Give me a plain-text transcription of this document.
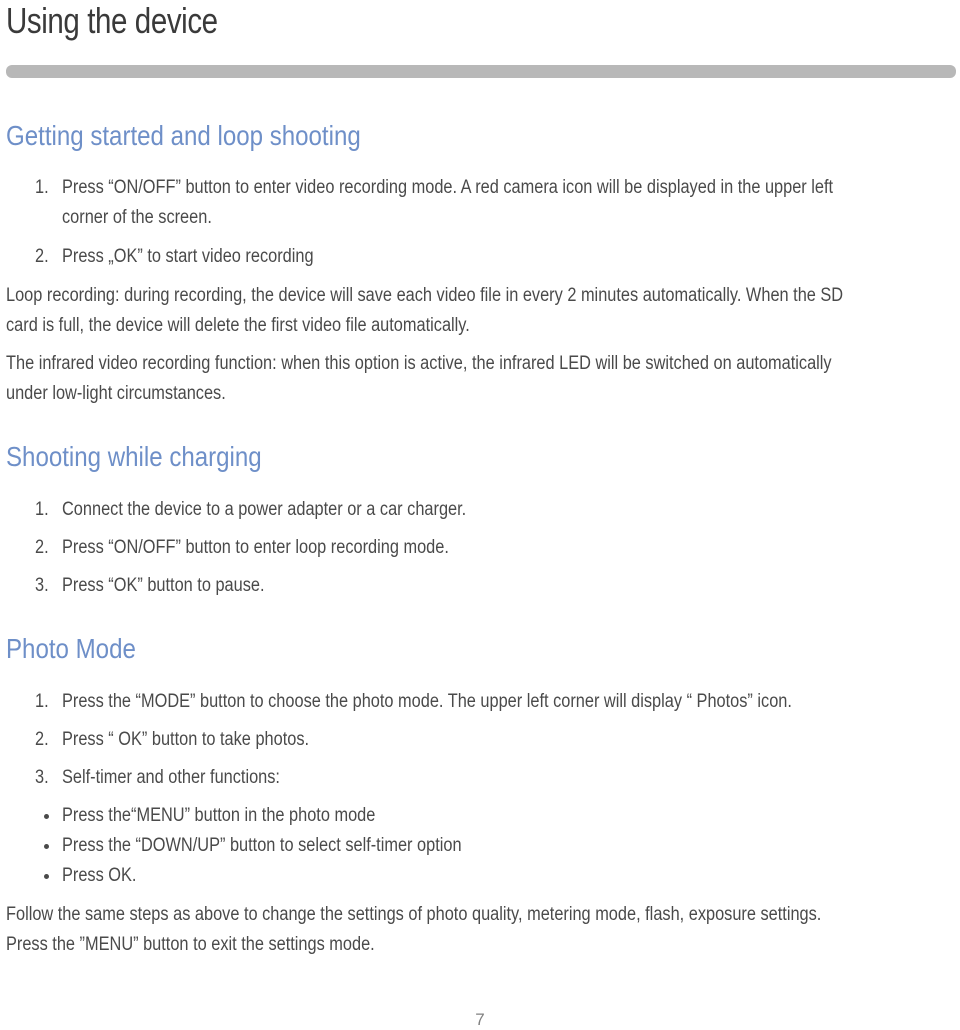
Using the device
Getting started and loop shooting
1. Press “ON/OFF” button to enter video recording mode. A red camera icon will be displayed in the upper left
corner of the screen.
2. Press „OK” to start video recording
Loop recording: during recording, the device will save each video file in every 2 minutes automatically. When the SD
card is full, the device will delete the first video file automatically.
The infrared video recording function: when this option is active, the infrared LED will be switched on automatically
under low-light circumstances.
Shooting while charging
1. Connect the device to a power adapter or a car charger.
2. Press “ON/OFF” button to enter loop recording mode.
3. Press “OK” button to pause.
Photo Mode
1. Press the “MODE” button to choose the photo mode. The upper left corner will display “ Photos” icon.
2. Press “ OK” button to take photos.
3. Self-timer and other functions:
Press the“MENU” button in the photo mode
Press the “DOWN/UP” button to select self-timer option
Press OK.
Follow the same steps as above to change the settings of photo quality, metering mode, flash, exposure settings.
Press the ”MENU” button to exit the settings mode.
7
